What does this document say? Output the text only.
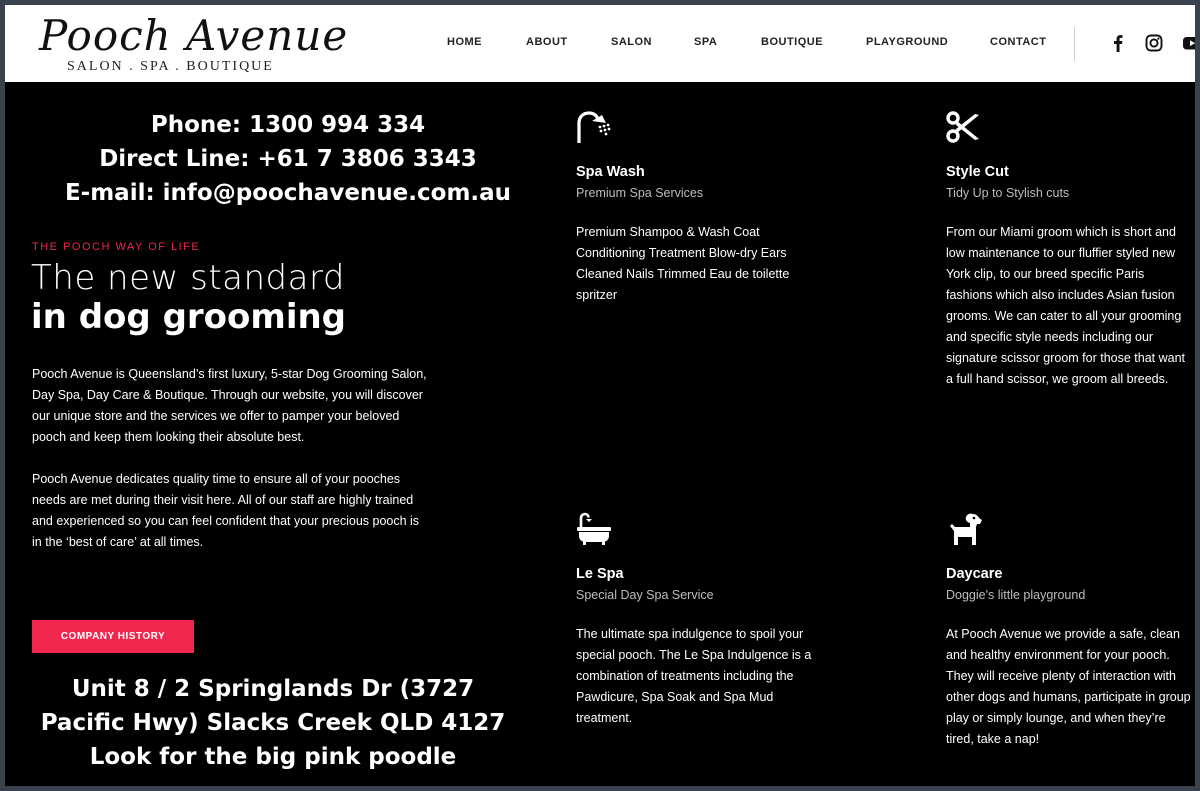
Pooch Avenue
SALON . SPA . BOUTIQUE
HOME	ABOUT	SALON	SPA	BOUTIQUE	PLAYGROUND	CONTACT
Phone: 1300 994 334
Direct Line: +61 7 3806 3343
E-mail: info@poochavenue.com.au
THE POOCH WAY OF LIFE
The new standard
in dog grooming
Pooch Avenue is Queensland’s first luxury, 5-star Dog Grooming Salon, Day Spa, Day Care & Boutique. Through our website, you will discover our unique store and the services we offer to pamper your beloved pooch and keep them looking their absolute best.
Pooch Avenue dedicates quality time to ensure all of your pooches needs are met during their visit here. All of our staff are highly trained and experienced so you can feel confident that your precious pooch is in the ‘best of care’ at all times.
COMPANY HISTORY
Unit 8 / 2 Springlands Dr (3727
Pacific Hwy) Slacks Creek QLD 4127
Look for the big pink poodle
Spa Wash
Premium Spa Services
Premium Shampoo & Wash Coat Conditioning Treatment Blow-dry Ears Cleaned Nails Trimmed Eau de toilette spritzer
Style Cut
Tidy Up to Stylish cuts
From our Miami groom which is short and low maintenance to our fluffier styled new York clip, to our breed specific Paris fashions which also includes Asian fusion grooms. We can cater to all your grooming and specific style needs including our signature scissor groom for those that want a full hand scissor, we groom all breeds.
Le Spa
Special Day Spa Service
The ultimate spa indulgence to spoil your special pooch. The Le Spa Indulgence is a combination of treatments including the Pawdicure, Spa Soak and Spa Mud treatment.
Daycare
Doggie's little playground
At Pooch Avenue we provide a safe, clean and healthy environment for your pooch. They will receive plenty of interaction with other dogs and humans, participate in group play or simply lounge, and when they’re tired, take a nap!
